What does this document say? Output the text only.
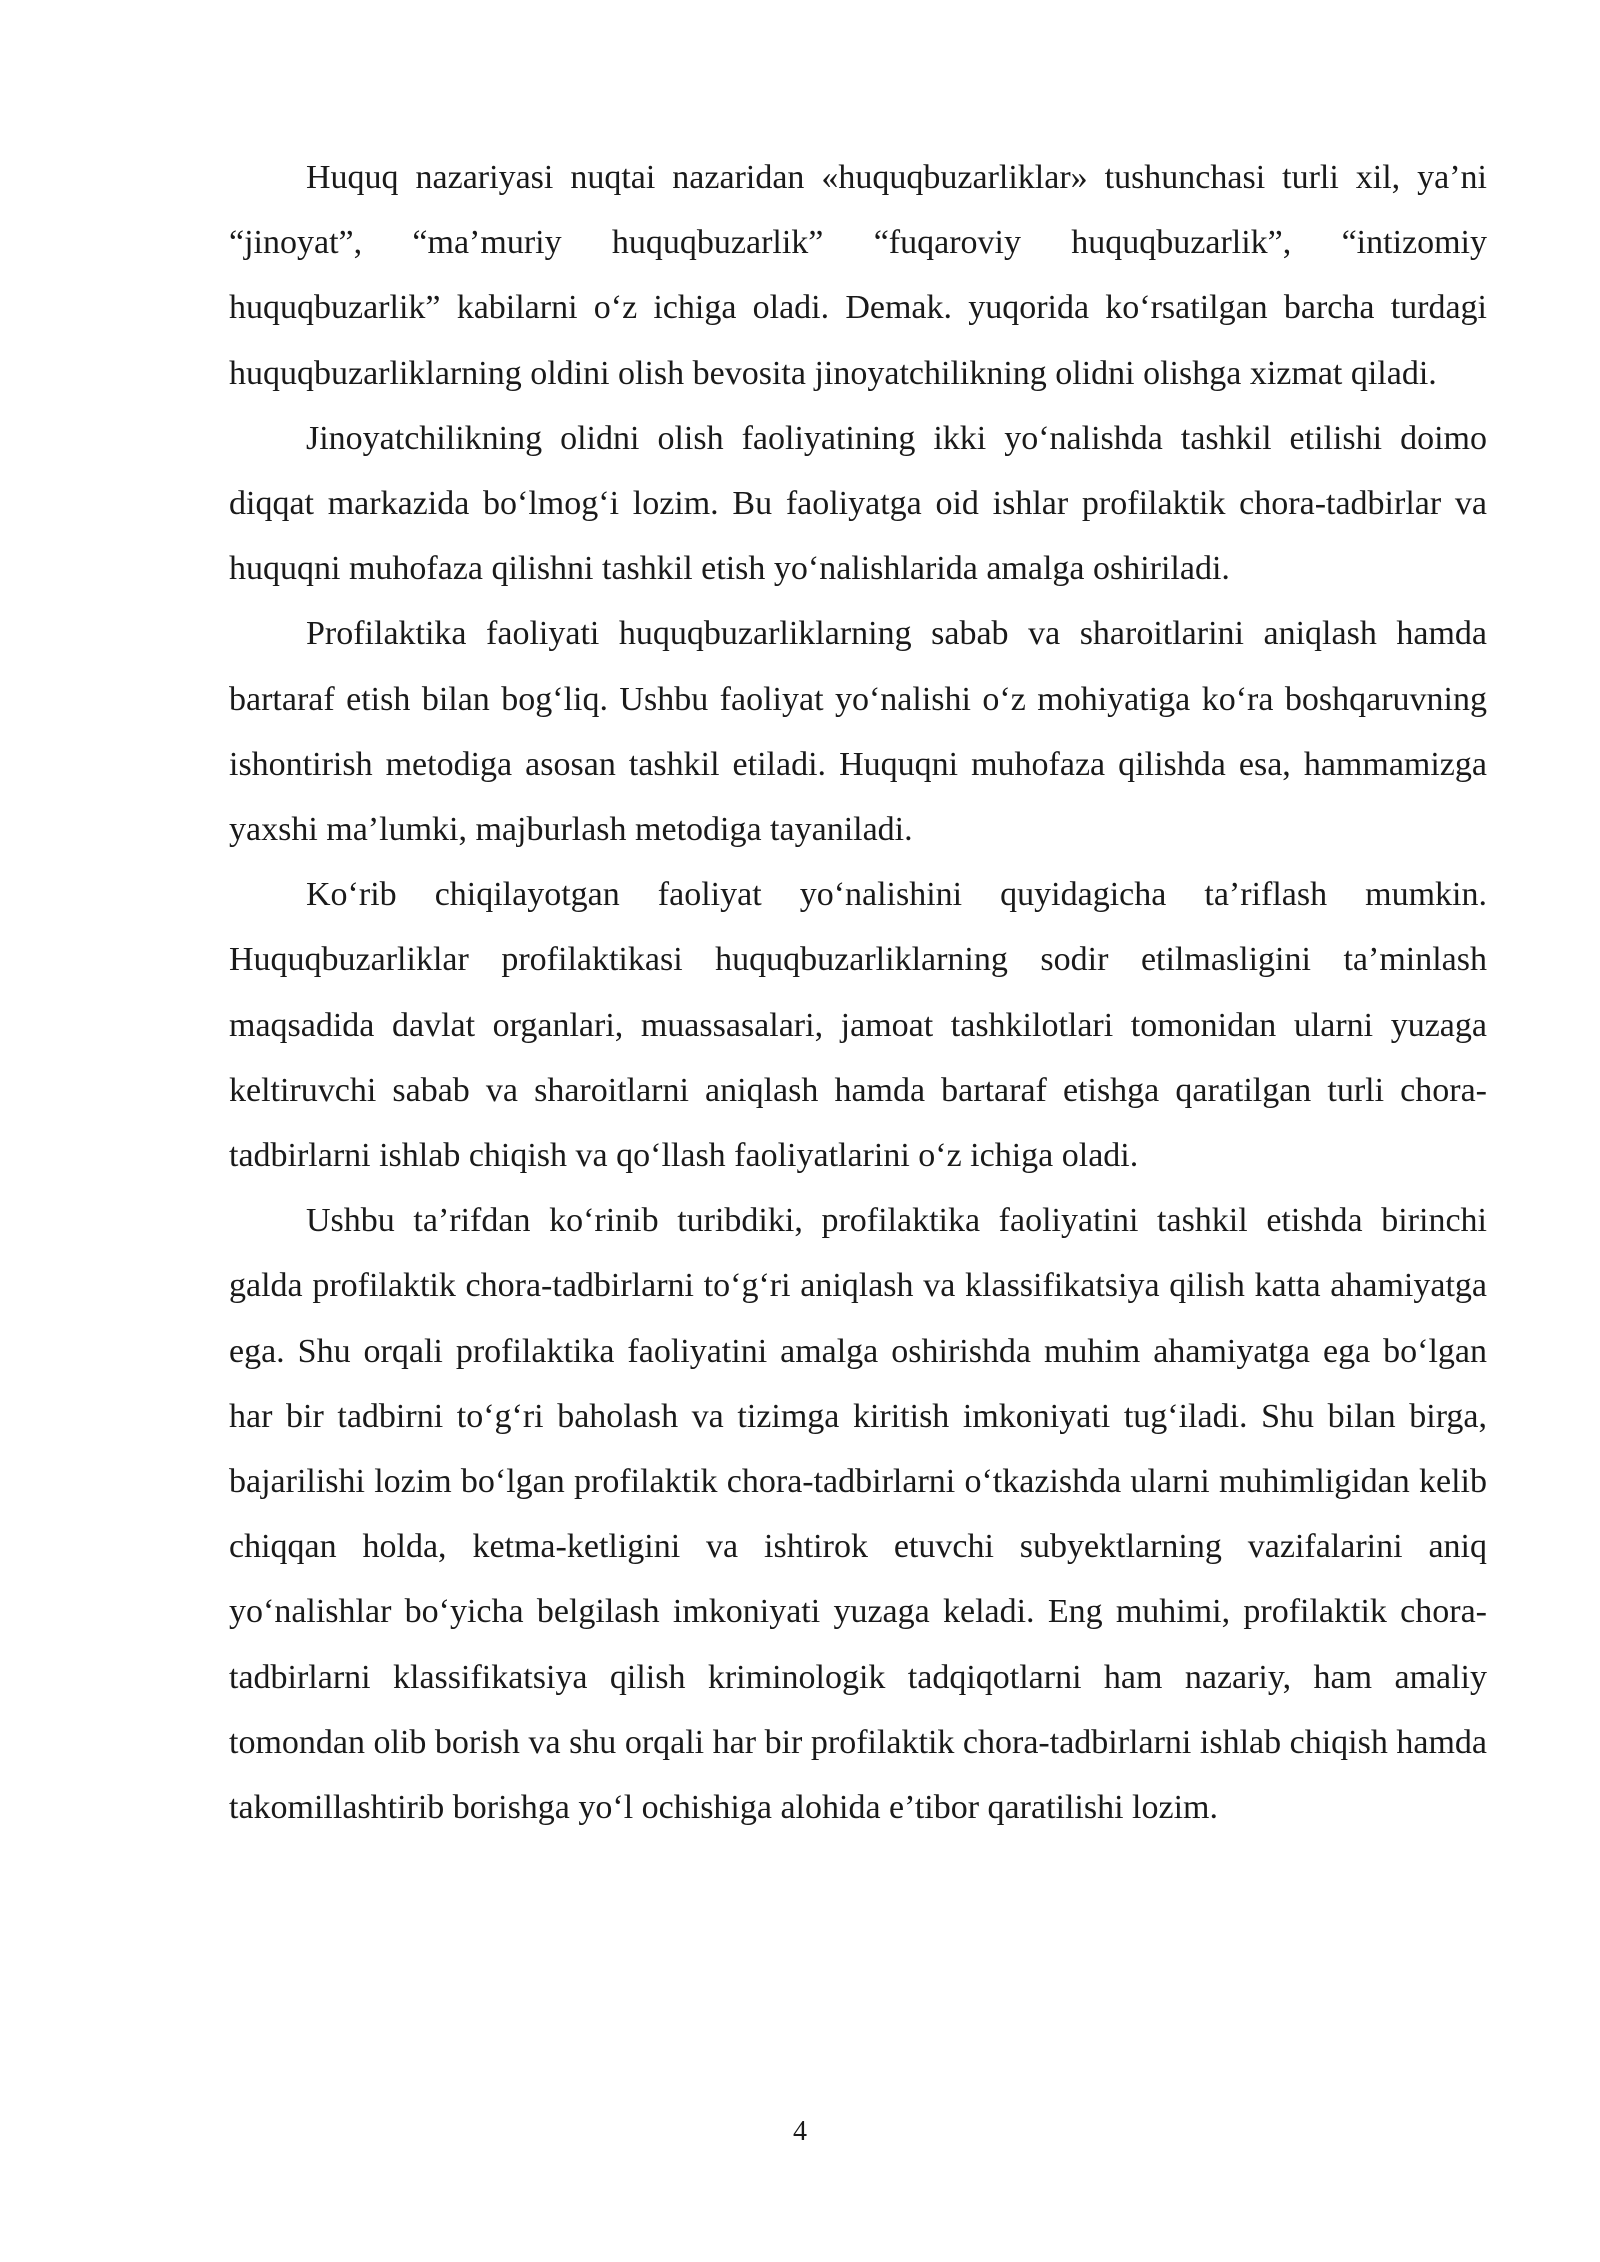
Huquq nazariyasi nuqtai nazaridan «huquqbuzarliklar» tushunchasi turli xil, ya’ni “jinoyat”, “ma’muriy huquqbuzarlik” “fuqaroviy huquqbuzarlik”, “intizomiy huquqbuzarlik” kabilarni o‘z ichiga oladi. Demak. yuqorida ko‘rsatilgan barcha turdagi huquqbuzarliklarning oldini olish bevosita jinoyatchilikning olidni olishga xizmat qiladi.

Jinoyatchilikning olidni olish faoliyatining ikki yo‘nalishda tashkil etilishi doimo diqqat markazida bo‘lmog‘i lozim. Bu faoliyatga oid ishlar profilaktik chora-tadbirlar va huquqni muhofaza qilishni tashkil etish yo‘nalishlarida amalga oshiriladi.

Profilaktika faoliyati huquqbuzarliklarning sabab va sharoitlarini aniqlash hamda bartaraf etish bilan bog‘liq. Ushbu faoliyat yo‘nalishi o‘z mohiyatiga ko‘ra boshqaruvning ishontirish metodiga asosan tashkil etiladi. Huquqni muhofaza qilishda esa, hammamizga yaxshi ma’lumki, majburlash metodiga tayaniladi.

Ko‘rib chiqilayotgan faoliyat yo‘nalishini quyidagicha ta’riflash mumkin. Huquqbuzarliklar profilaktikasi huquqbuzarliklarning sodir etilmasligini ta’minlash maqsadida davlat organlari, muassasalari, jamoat tashkilotlari tomonidan ularni yuzaga keltiruvchi sabab va sharoitlarni aniqlash hamda bartaraf etishga qaratilgan turli chora-tadbirlarni ishlab chiqish va qo‘llash faoliyatlarini o‘z ichiga oladi.

Ushbu ta’rifdan ko‘rinib turibdiki, profilaktika faoliyatini tashkil etishda birinchi galda profilaktik chora-tadbirlarni to‘g‘ri aniqlash va klassifikatsiya qilish katta ahamiyatga ega. Shu orqali profilaktika faoliyatini amalga oshirishda muhim ahamiyatga ega bo‘lgan har bir tadbirni to‘g‘ri baholash va tizimga kiritish imkoniyati tug‘iladi. Shu bilan birga, bajarilishi lozim bo‘lgan profilaktik chora-tadbirlarni o‘tkazishda ularni muhimligidan kelib chiqqan holda, ketma-ketligini va ishtirok etuvchi subyektlarning vazifalarini aniq yo‘nalishlar bo‘yicha belgilash imkoniyati yuzaga keladi. Eng muhimi, profilaktik chora-tadbirlarni klassifikatsiya qilish kriminologik tadqiqotlarni ham nazariy, ham amaliy tomondan olib borish va shu orqali har bir profilaktik chora-tadbirlarni ishlab chiqish hamda takomillashtirib borishga yo‘l ochishiga alohida e’tibor qaratilishi lozim.

4
